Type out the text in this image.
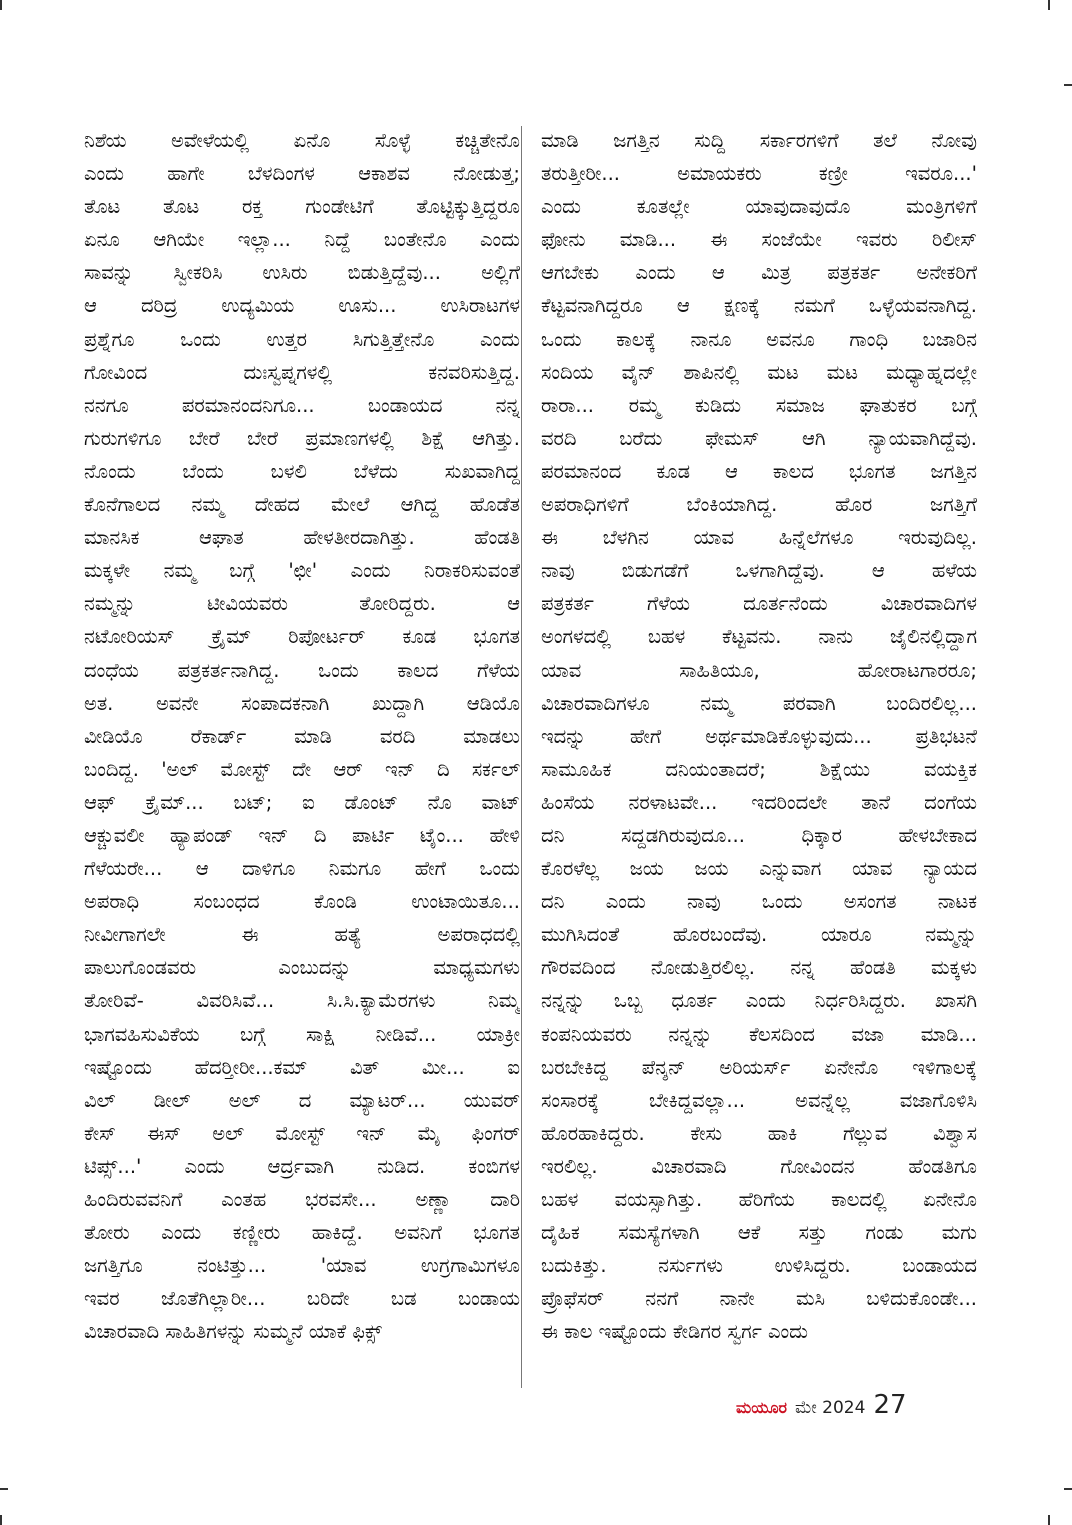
ನಿಶೆಯ ಅವೇಳೆಯಲ್ಲಿ ಏನೊ ಸೊಳ್ಳೆ ಕಚ್ಚಿತೇನೊ
ಎಂದು ಹಾಗೇ ಬೆಳದಿಂಗಳ ಆಕಾಶವ ನೋಡುತ್ತ;
ತೊಟ ತೊಟ ರಕ್ತ ಗುಂಡೇಟಿಗೆ ತೊಟ್ಟಿಕ್ಕುತ್ತಿದ್ದರೂ
ಏನೂ ಆಗಿಯೇ ಇಲ್ಲಾ... ನಿದ್ದೆ ಬಂತೇನೊ ಎಂದು
ಸಾವನ್ನು ಸ್ವೀಕರಿಸಿ ಉಸಿರು ಬಿಡುತ್ತಿದ್ದೆವು... ಅಲ್ಲಿಗೆ
ಆ ದರಿದ್ರ ಉದ್ಯಮಿಯ ಊಸು... ಉಸಿರಾಟಗಳ
ಪ್ರಶ್ನೆಗೂ ಒಂದು ಉತ್ತರ ಸಿಗುತ್ತಿತ್ತೇನೊ ಎಂದು
ಗೋವಿಂದ ದುಃಸ್ವಪ್ನಗಳಲ್ಲಿ ಕನವರಿಸುತ್ತಿದ್ದ.
ನನಗೂ ಪರಮಾನಂದನಿಗೂ... ಬಂಡಾಯದ ನನ್ನ
ಗುರುಗಳಿಗೂ ಬೇರೆ ಬೇರೆ ಪ್ರಮಾಣಗಳಲ್ಲಿ ಶಿಕ್ಷೆ ಆಗಿತ್ತು.
ನೊಂದು ಬೆಂದು ಬಳಲಿ ಬೆಳೆದು ಸುಖವಾಗಿದ್ದ
ಕೊನೆಗಾಲದ ನಮ್ಮ ದೇಹದ ಮೇಲೆ ಆಗಿದ್ದ ಹೊಡೆತ
ಮಾನಸಿಕ ಆಘಾತ ಹೇಳತೀರದಾಗಿತ್ತು. ಹೆಂಡತಿ
ಮಕ್ಕಳೇ ನಮ್ಮ ಬಗ್ಗೆ 'ಛೀ' ಎಂದು ನಿರಾಕರಿಸುವಂತೆ
ನಮ್ಮನ್ನು ಟೀವಿಯವರು ತೋರಿದ್ದರು. ಆ
ನಟೋರಿಯಸ್ ಕ್ರೈಮ್ ರಿಪೋರ್ಟರ್ ಕೂಡ ಭೂಗತ
ದಂಧೆಯ ಪತ್ರಕರ್ತನಾಗಿದ್ದ. ಒಂದು ಕಾಲದ ಗೆಳೆಯ
ಅತ. ಅವನೇ ಸಂಪಾದಕನಾಗಿ ಖುದ್ದಾಗಿ ಆಡಿಯೊ
ವೀಡಿಯೊ ರೆಕಾರ್ಡ್ ಮಾಡಿ ವರದಿ ಮಾಡಲು
ಬಂದಿದ್ದ. 'ಅಲ್ ಮೋಸ್ಟ್ ದೇ ಆರ್ ಇನ್ ದಿ ಸರ್ಕಲ್
ಆಫ್ ಕ್ರೈಮ್... ಬಟ್; ಐ ಡೊಂಟ್ ನೊ ವಾಟ್
ಆಕ್ಚುವಲೀ ಹ್ಯಾಪಂಡ್ ಇನ್ ದಿ ಪಾರ್ಟಿ ಟೈಂ... ಹೇಳಿ
ಗೆಳೆಯರೇ... ಆ ದಾಳಿಗೂ ನಿಮಗೂ ಹೇಗೆ ಒಂದು
ಅಪರಾಧಿ ಸಂಬಂಧದ ಕೊಂಡಿ ಉಂಟಾಯಿತೂ...
ನೀವೀಗಾಗಲೇ ಈ ಹತ್ಯೆ ಅಪರಾಧದಲ್ಲಿ
ಪಾಲುಗೊಂಡವರು ಎಂಬುದನ್ನು ಮಾಧ್ಯಮಗಳು
ತೋರಿವೆ- ವಿವರಿಸಿವೆ... ಸಿ.ಸಿ.ಕ್ಯಾಮೆರಗಳು ನಿಮ್ಮ
ಭಾಗವಹಿಸುವಿಕೆಯ ಬಗ್ಗೆ ಸಾಕ್ಷಿ ನೀಡಿವೆ... ಯಾಕ್ರೀ
ಇಷ್ಟೊಂದು ಹೆದರ್‍ತೀರೀ...ಕಮ್ ವಿತ್ ಮೀ... ಐ
ವಿಲ್ ಡೀಲ್ ಅಲ್ ದ ಮ್ಯಾಟರ್... ಯುವರ್
ಕೇಸ್ ಈಸ್ ಅಲ್ ಮೋಸ್ಟ್ ಇನ್ ಮೈ ಫಿಂಗರ್
ಟಿಪ್ಸ್...' ಎಂದು ಆರ್ದ್ರವಾಗಿ ನುಡಿದ. ಕಂಬಿಗಳ
ಹಿಂದಿರುವವನಿಗೆ ಎಂತಹ ಭರವಸೇ... ಅಣ್ಣಾ ದಾರಿ
ತೋರು ಎಂದು ಕಣ್ಣೀರು ಹಾಕಿದ್ದೆ. ಅವನಿಗೆ ಭೂಗತ
ಜಗತ್ತಿಗೂ ನಂಟಿತ್ತು... 'ಯಾವ ಉಗ್ರಗಾಮಿಗಳೂ
ಇವರ ಜೊತೆಗಿಲ್ಲಾರೀ... ಬರಿದೇ ಬಡ ಬಂಡಾಯ
ವಿಚಾರವಾದಿ ಸಾಹಿತಿಗಳನ್ನು ಸುಮ್ಮನೆ ಯಾಕೆ ಫಿಕ್ಸ್
ಮಾಡಿ ಜಗತ್ತಿನ ಸುದ್ದಿ ಸರ್ಕಾರಗಳಿಗೆ ತಲೆ ನೋವು
ತರುತ್ತೀರೀ... ಅಮಾಯಕರು ಕಣ್ರೀ ಇವರೂ...'
ಎಂದು ಕೂತಲ್ಲೇ ಯಾವುದಾವುದೊ ಮಂತ್ರಿಗಳಿಗೆ
ಫೋನು ಮಾಡಿ... ಈ ಸಂಜೆಯೇ ಇವರು ರಿಲೀಸ್
ಆಗಬೇಕು ಎಂದು ಆ ಮಿತ್ರ ಪತ್ರಕರ್ತ ಅನೇಕರಿಗೆ
ಕೆಟ್ಟವನಾಗಿದ್ದರೂ ಆ ಕ್ಷಣಕ್ಕೆ ನಮಗೆ ಒಳ್ಳೆಯವನಾಗಿದ್ದ.
ಒಂದು ಕಾಲಕ್ಕೆ ನಾನೂ ಅವನೂ ಗಾಂಧಿ ಬಜಾರಿನ
ಸಂದಿಯ ವೈನ್ ಶಾಪಿನಲ್ಲಿ ಮಟ ಮಟ ಮಧ್ಯಾಹ್ನದಲ್ಲೇ
ರಾರಾ... ರಮ್ಮ ಕುಡಿದು ಸಮಾಜ ಘಾತುಕರ ಬಗ್ಗೆ
ವರದಿ ಬರೆದು ಫೇಮಸ್ ಆಗಿ ನ್ಯಾಯವಾಗಿದ್ದೆವು.
ಪರಮಾನಂದ ಕೂಡ ಆ ಕಾಲದ ಭೂಗತ ಜಗತ್ತಿನ
ಅಪರಾಧಿಗಳಿಗೆ ಬೆಂಕಿಯಾಗಿದ್ದ. ಹೊರ ಜಗತ್ತಿಗೆ
ಈ ಬೆಳಗಿನ ಯಾವ ಹಿನ್ನೆಲೆಗಳೂ ಇರುವುದಿಲ್ಲ.
ನಾವು ಬಿಡುಗಡೆಗೆ ಒಳಗಾಗಿದ್ದೆವು. ಆ ಹಳೆಯ
ಪತ್ರಕರ್ತ ಗೆಳೆಯ ದೂರ್ತನೆಂದು ವಿಚಾರವಾದಿಗಳ
ಅಂಗಳದಲ್ಲಿ ಬಹಳ ಕೆಟ್ಟವನು. ನಾನು ಜೈಲಿನಲ್ಲಿದ್ದಾಗ
ಯಾವ ಸಾಹಿತಿಯೂ, ಹೋರಾಟಗಾರರೂ;
ವಿಚಾರವಾದಿಗಳೂ ನಮ್ಮ ಪರವಾಗಿ ಬಂದಿರಲಿಲ್ಲ...
ಇದನ್ನು ಹೇಗೆ ಅರ್ಥಮಾಡಿಕೊಳ್ಳುವುದು... ಪ್ರತಿಭಟನೆ
ಸಾಮೂಹಿಕ ದನಿಯಂತಾದರೆ; ಶಿಕ್ಷೆಯು ವಯಕ್ತಿಕ
ಹಿಂಸೆಯ ನರಳಾಟವೇ... ಇದರಿಂದಲೇ ತಾನೆ ದಂಗೆಯ
ದನಿ ಸದ್ದಡಗಿರುವುದೂ... ಧಿಕ್ಕಾರ ಹೇಳಬೇಕಾದ
ಕೊರಳೆಲ್ಲ ಜಯ ಜಯ ಎನ್ನುವಾಗ ಯಾವ ನ್ಯಾಯದ
ದನಿ ಎಂದು ನಾವು ಒಂದು ಅಸಂಗತ ನಾಟಕ
ಮುಗಿಸಿದಂತೆ ಹೊರಬಂದೆವು. ಯಾರೂ ನಮ್ಮನ್ನು
ಗೌರವದಿಂದ ನೋಡುತ್ತಿರಲಿಲ್ಲ. ನನ್ನ ಹೆಂಡತಿ ಮಕ್ಕಳು
ನನ್ನನ್ನು ಒಬ್ಬ ಧೂರ್ತ ಎಂದು ನಿರ್ಧರಿಸಿದ್ದರು. ಖಾಸಗಿ
ಕಂಪನಿಯವರು ನನ್ನನ್ನು ಕೆಲಸದಿಂದ ವಜಾ ಮಾಡಿ...
ಬರಬೇಕಿದ್ದ ಪೆನ್ಶನ್ ಅರಿಯರ್ಸ್ ಏನೇನೊ ಇಳಿಗಾಲಕ್ಕೆ
ಸಂಸಾರಕ್ಕೆ ಬೇಕಿದ್ದವಲ್ಲಾ... ಅವನ್ನೆಲ್ಲ ವಜಾಗೊಳಿಸಿ
ಹೊರಹಾಕಿದ್ದರು. ಕೇಸು ಹಾಕಿ ಗೆಲ್ಲುವ ವಿಶ್ವಾಸ
ಇರಲಿಲ್ಲ. ವಿಚಾರವಾದಿ ಗೋವಿಂದನ ಹೆಂಡತಿಗೂ
ಬಹಳ ವಯಸ್ಸಾಗಿತ್ತು. ಹೆರಿಗೆಯ ಕಾಲದಲ್ಲಿ ಏನೇನೊ
ದೈಹಿಕ ಸಮಸ್ಯೆಗಳಾಗಿ ಆಕೆ ಸತ್ತು ಗಂಡು ಮಗು
ಬದುಕಿತ್ತು. ನರ್ಸುಗಳು ಉಳಿಸಿದ್ದರು. ಬಂಡಾಯದ
ಪ್ರೊಫೆಸರ್ ನನಗೆ ನಾನೇ ಮಸಿ ಬಳಿದುಕೊಂಡೇ...
ಈ ಕಾಲ ಇಷ್ಟೊಂದು ಕೇಡಿಗರ ಸ್ವರ್ಗ ಎಂದು
ಮಯೂರ ಮೇ 2024 27
